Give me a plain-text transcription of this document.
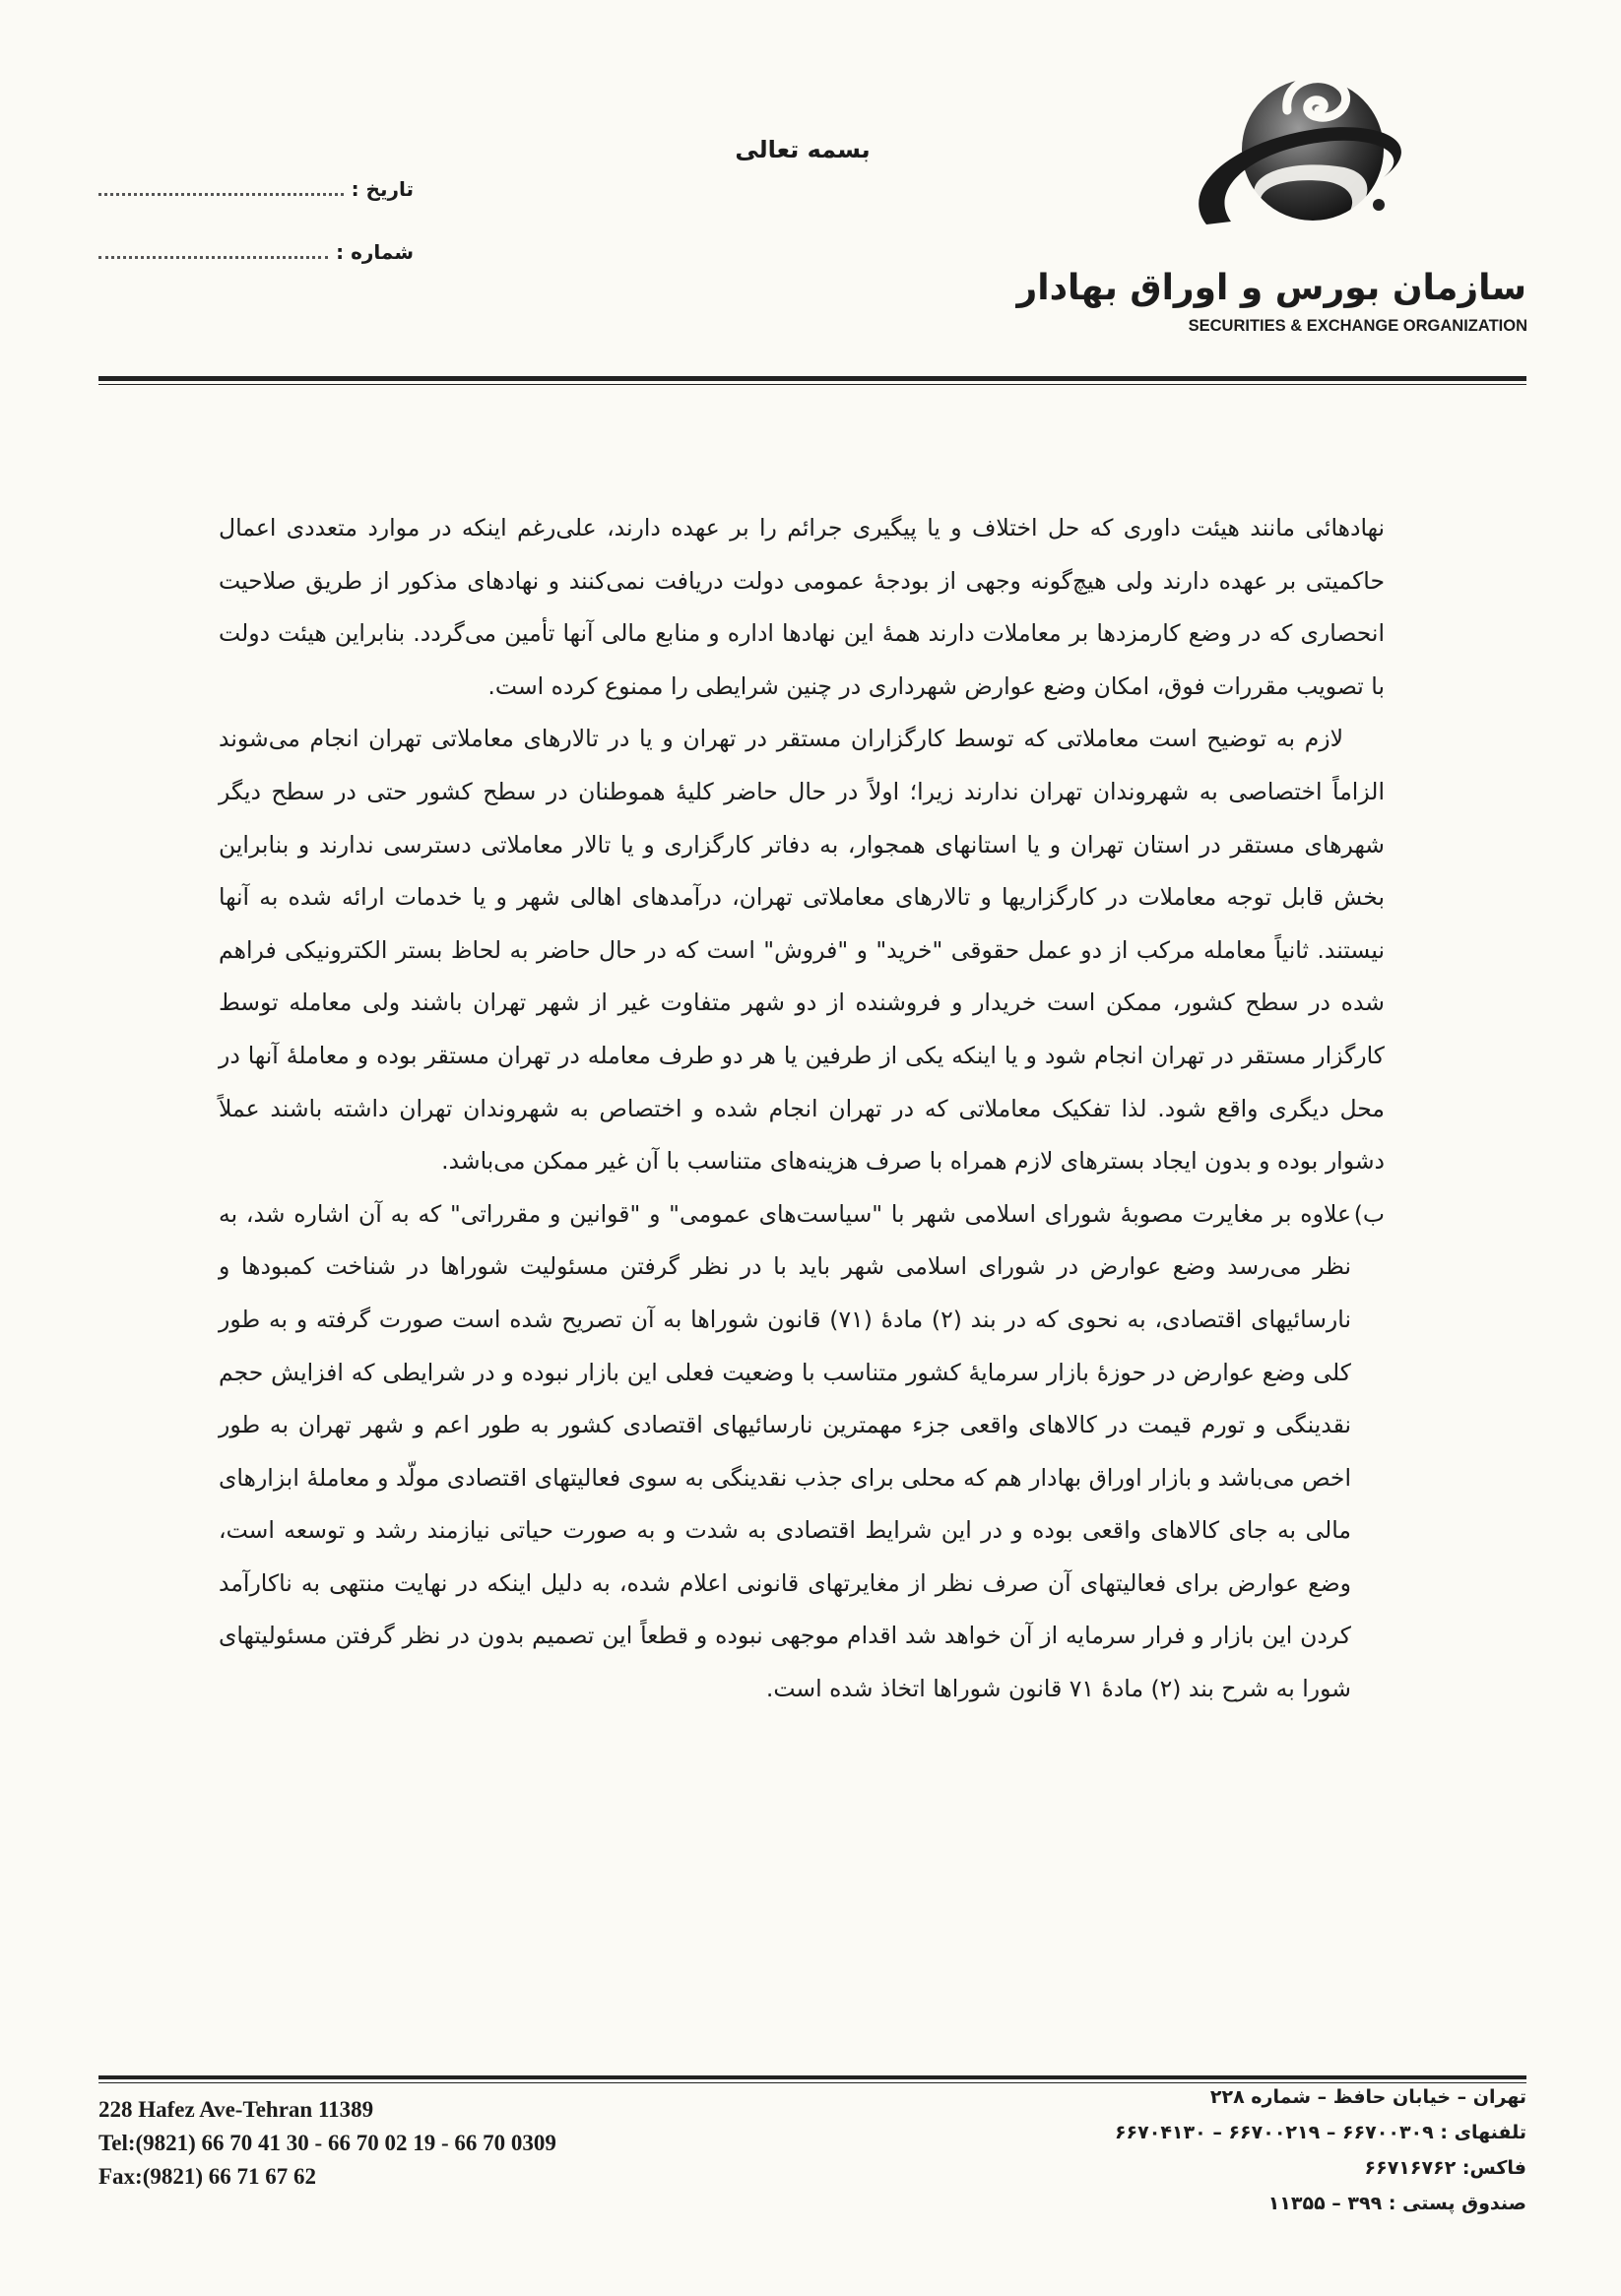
سازمان بورس و اوراق بهادار
SECURITIES & EXCHANGE ORGANIZATION
بسمه تعالی
تاریخ :
شماره :

نهادهائی مانند هیئت داوری که حل اختلاف و یا پیگیری جرائم را بر عهده دارند، علی‌رغم اینکه در موارد متعددی اعمال حاکمیتی بر عهده دارند ولی هیچ‌گونه وجهی از بودجهٔ عمومی دولت دریافت نمی‌کنند و نهادهای مذکور از طریق صلاحیت انحصاری که در وضع کارمزدها بر معاملات دارند همهٔ این نهادها اداره و منابع مالی آنها تأمین می‌گردد. بنابراین هیئت دولت با تصویب مقررات فوق، امکان وضع عوارض شهرداری در چنین شرایطی را ممنوع کرده است.

لازم به توضیح است معاملاتی که توسط کارگزاران مستقر در تهران و یا در تالارهای معاملاتی تهران انجام می‌شوند الزاماً اختصاصی به شهروندان تهران ندارند زیرا؛ اولاً در حال حاضر کلیهٔ هموطنان در سطح کشور حتی در سطح دیگر شهرهای مستقر در استان تهران و یا استانهای همجوار، به دفاتر کارگزاری و یا تالار معاملاتی دسترسی ندارند و بنابراین بخش قابل توجه معاملات در کارگزاریها و تالارهای معاملاتی تهران، درآمدهای اهالی شهر و یا خدمات ارائه شده به آنها نیستند. ثانیاً معامله مرکب از دو عمل حقوقی "خرید" و "فروش" است که در حال حاضر به لحاظ بستر الکترونیکی فراهم شده در سطح کشور، ممکن است خریدار و فروشنده از دو شهر متفاوت غیر از شهر تهران باشند ولی معامله توسط کارگزار مستقر در تهران انجام شود و یا اینکه یکی از طرفین یا هر دو طرف معامله در تهران مستقر بوده و معاملهٔ آنها در محل دیگری واقع شود. لذا تفکیک معاملاتی که در تهران انجام شده و اختصاص به شهروندان تهران داشته باشند عملاً دشوار بوده و بدون ایجاد بسترهای لازم همراه با صرف هزینه‌های متناسب با آن غیر ممکن می‌باشد.

ب)
علاوه بر مغایرت مصوبهٔ شورای اسلامی شهر با "سیاست‌های عمومی" و "قوانین و مقرراتی" که به آن اشاره شد، به نظر می‌رسد وضع عوارض در شورای اسلامی شهر باید با در نظر گرفتن مسئولیت شوراها در شناخت کمبودها و نارسائیهای اقتصادی، به نحوی که در بند (۲) مادهٔ (۷۱) قانون شوراها به آن تصریح شده است صورت گرفته و به طور کلی وضع عوارض در حوزهٔ بازار سرمایهٔ کشور متناسب با وضعیت فعلی این بازار نبوده و در شرایطی که افزایش حجم نقدینگی و تورم قیمت در کالاهای واقعی جزء مهمترین نارسائیهای اقتصادی کشور به طور اعم و شهر تهران به طور اخص می‌باشد و بازار اوراق بهادار هم که محلی برای جذب نقدینگی به سوی فعالیتهای اقتصادی مولّد و معاملهٔ ابزارهای مالی به جای کالاهای واقعی بوده و در این شرایط اقتصادی به شدت و به صورت حیاتی نیازمند رشد و توسعه است، وضع عوارض برای فعالیتهای آن صرف نظر از مغایرتهای قانونی اعلام شده، به دلیل اینکه در نهایت منتهی به ناکارآمد کردن این بازار و فرار سرمایه از آن خواهد شد اقدام موجهی نبوده و قطعاً این تصمیم بدون در نظر گرفتن مسئولیتهای شورا به شرح بند (۲) مادهٔ ۷۱ قانون شوراها اتخاذ شده است.
228 Hafez Ave-Tehran 11389
Tel:(9821) 66 70 41 30 - 66 70 02 19 - 66 70 0309
Fax:(9821) 66 71 67 62
تهران – خیابان حافظ – شماره ۲۲۸
تلفنهای : ۶۶۷۰۰۳۰۹ – ۶۶۷۰۰۲۱۹ – ۶۶۷۰۴۱۳۰
فاکس: ۶۶۷۱۶۷۶۲
صندوق پستی : ۳۹۹ – ۱۱۳۵۵
